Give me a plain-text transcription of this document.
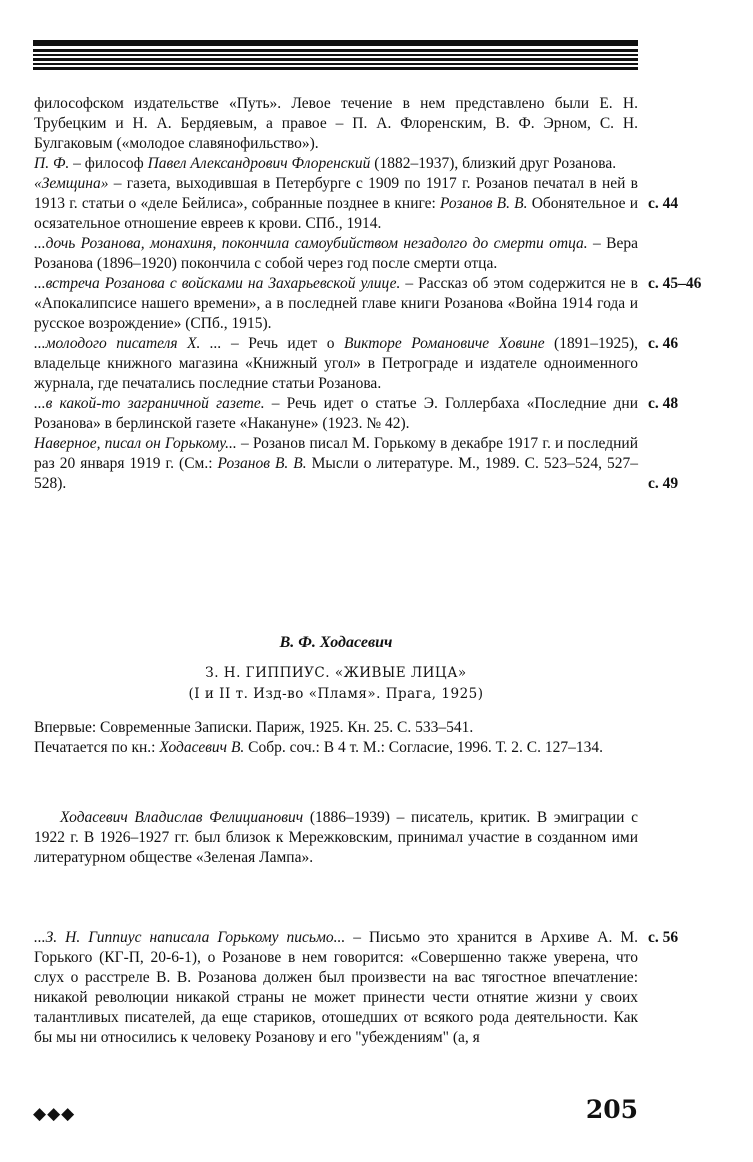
философском издательстве «Путь». Левое течение в нем представлено были Е. Н. Трубецким и Н. А. Бердяевым, а правое – П. А. Флоренским, В. Ф. Эрном, С. Н. Булгаковым («молодое славянофильство»).

П. Ф. – философ Павел Александрович Флоренский (1882–1937), близкий друг Розанова.

«Земщина» – газета, выходившая в Петербурге с 1909 по 1917 г. Розанов печатал в ней в 1913 г. статьи о «деле Бейлиса», собранные позднее в книге: Розанов В. В. Обонятельное и осязательное отношение евреев к крови. СПб., 1914.

...дочь Розанова, монахиня, покончила самоубийством незадолго до смерти отца. – Вера Розанова (1896–1920) покончила с собой через год после смерти отца.

...встреча Розанова с войсками на Захарьевской улице. – Рассказ об этом содержится не в «Апокалипсисе нашего времени», а в последней главе книги Розанова «Война 1914 года и русское возрождение» (СПб., 1915).

...молодого писателя Х. ... – Речь идет о Викторе Романовиче Ховине (1891–1925), владельце книжного магазина «Книжный угол» в Петрограде и издателе одноименного журнала, где печатались последние статьи Розанова.

...в какой-то заграничной газете. – Речь идет о статье Э. Голлербаха «Последние дни Розанова» в берлинской газете «Накануне» (1923. № 42).

Наверное, писал он Горькому... – Розанов писал М. Горькому в декабре 1917 г. и последний раз 20 января 1919 г. (См.: Розанов В. В. Мысли о литературе. М., 1989. С. 523–524, 527–528).

с. 44
с. 45–46
с. 46
с. 48
с. 49
В. Ф. Ходасевич
З. Н. ГИППИУС. «ЖИВЫЕ ЛИЦА»
(I и II т. Изд-во «Пламя». Прага, 1925)

Впервые: Современные Записки. Париж, 1925. Кн. 25. С. 533–541.

Печатается по кн.: Ходасевич В. Собр. соч.: В 4 т. М.: Согласие, 1996. Т. 2. С. 127–134.

Ходасевич Владислав Фелицианович (1886–1939) – писатель, критик. В эмиграции с 1922 г. В 1926–1927 гг. был близок к Мережковским, принимал участие в созданном ими литературном обществе «Зеленая Лампа».

...З. Н. Гиппиус написала Горькому письмо... – Письмо это хранится в Архиве А. М. Горького (КГ-П, 20-6-1), о Розанове в нем говорится: «Совершенно также уверена, что слух о расстреле В. В. Розанова должен был произвести на вас тягостное впечатление: никакой революции никакой страны не может принести чести отнятие жизни у своих талантливых писателей, да еще стариков, отошедших от всякого рода деятельности. Как бы мы ни относились к человеку Розанову и его "убеждениям" (а, я

с. 56
◆◆◆	205
